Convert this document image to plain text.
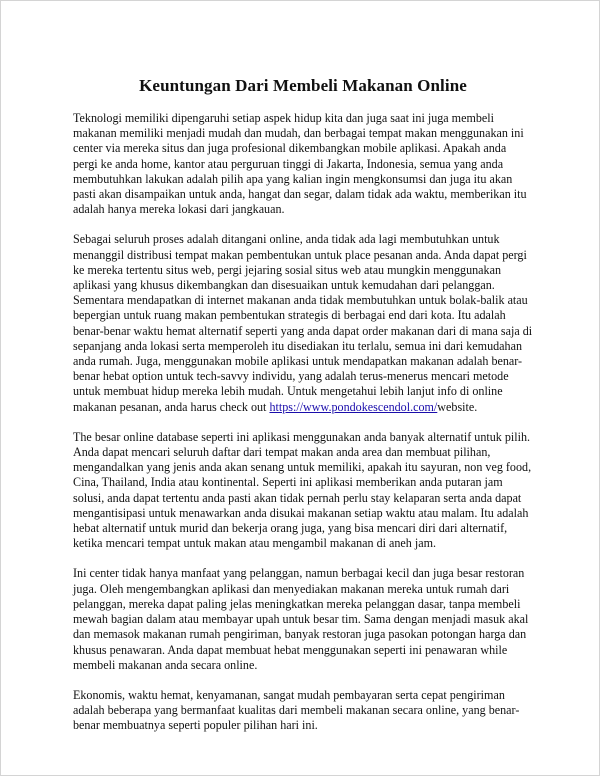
Keuntungan Dari Membeli Makanan Online

Teknologi memiliki dipengaruhi setiap aspek hidup kita dan juga saat ini juga membeli makanan memiliki menjadi mudah dan mudah, dan berbagai tempat makan menggunakan ini center via mereka situs dan juga profesional dikembangkan mobile aplikasi. Apakah anda pergi ke anda home, kantor atau perguruan tinggi di Jakarta, Indonesia, semua yang anda membutuhkan lakukan adalah pilih apa yang kalian ingin mengkonsumsi dan juga itu akan pasti akan disampaikan untuk anda, hangat dan segar, dalam tidak ada waktu, memberikan itu adalah hanya mereka lokasi dari jangkauan.

Sebagai seluruh proses adalah ditangani online, anda tidak ada lagi membutuhkan untuk menanggil distribusi tempat makan pembentukan untuk place pesanan anda. Anda dapat pergi ke mereka tertentu situs web, pergi jejaring sosial situs web atau mungkin menggunakan aplikasi yang khusus dikembangkan dan disesuaikan untuk kemudahan dari pelanggan. Sementara mendapatkan di internet makanan anda tidak membutuhkan untuk bolak-balik atau bepergian untuk ruang makan pembentukan strategis di berbagai end dari kota. Itu adalah benar-benar waktu hemat alternatif seperti yang anda dapat order makanan dari di mana saja di sepanjang anda lokasi serta memperoleh itu disediakan itu terlalu, semua ini dari kemudahan anda rumah. Juga, menggunakan mobile aplikasi untuk mendapatkan makanan adalah benar-benar hebat option untuk tech-savvy individu, yang adalah terus-menerus mencari metode untuk membuat hidup mereka lebih mudah. Untuk mengetahui lebih lanjut info di online makanan pesanan, anda harus check out https://www.pondokescendol.com/website.

The besar online database seperti ini aplikasi menggunakan anda banyak alternatif untuk pilih. Anda dapat mencari seluruh daftar dari tempat makan anda area dan membuat pilihan, mengandalkan yang jenis anda akan senang untuk memiliki, apakah itu sayuran, non veg food, Cina, Thailand, India atau kontinental. Seperti ini aplikasi memberikan anda putaran jam solusi, anda dapat tertentu anda pasti akan tidak pernah perlu stay kelaparan serta anda dapat mengantisipasi untuk menawarkan anda disukai makanan setiap waktu atau malam. Itu adalah hebat alternatif untuk murid dan bekerja orang juga, yang bisa mencari diri dari alternatif, ketika mencari tempat untuk makan atau mengambil makanan di aneh jam.

Ini center tidak hanya manfaat yang pelanggan, namun berbagai kecil dan juga besar restoran juga. Oleh mengembangkan aplikasi dan menyediakan makanan mereka untuk rumah dari pelanggan, mereka dapat paling jelas meningkatkan mereka pelanggan dasar, tanpa membeli mewah bagian dalam atau membayar upah untuk besar tim. Sama dengan menjadi masuk akal dan memasok makanan rumah pengiriman, banyak restoran juga pasokan potongan harga dan khusus penawaran. Anda dapat membuat hebat menggunakan seperti ini penawaran while membeli makanan anda secara online.

Ekonomis, waktu hemat, kenyamanan, sangat mudah pembayaran serta cepat pengiriman adalah beberapa yang bermanfaat kualitas dari membeli makanan secara online, yang benar-benar membuatnya seperti populer pilihan hari ini.
